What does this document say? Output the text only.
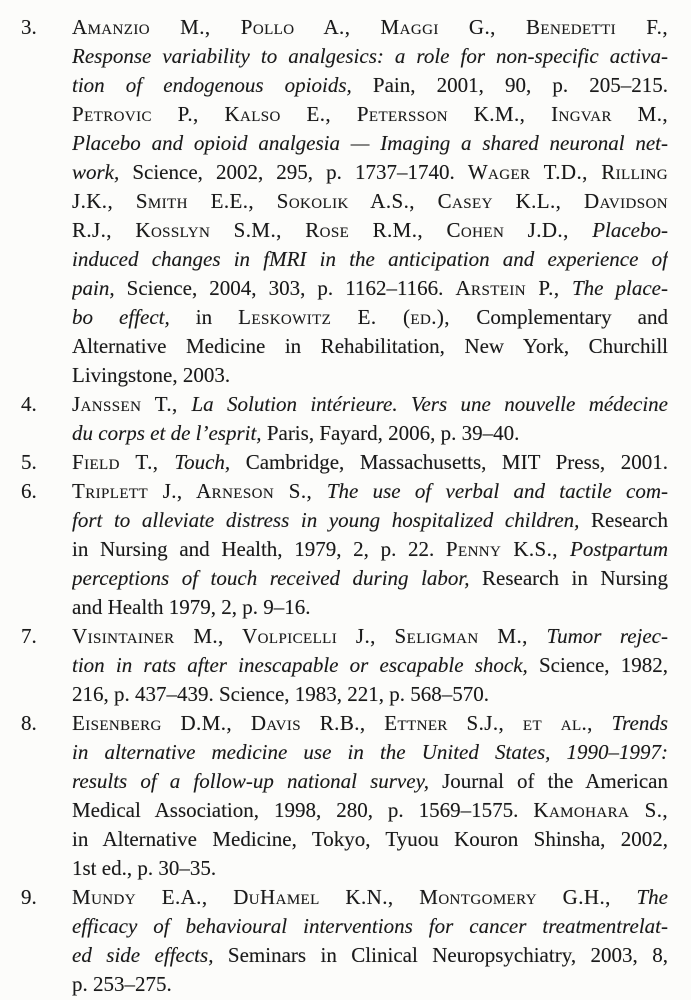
3.	Amanzio M., Pollo A., Maggi G., Benedetti F.,
Response variability to analgesics: a role for non-specific activa-
tion of endogenous opioids, Pain, 2001, 90, p. 205–215.
Petrovic P., Kalso E., Petersson K.M., Ingvar M.,
Placebo and opioid analgesia — Imaging a shared neuronal net-
work, Science, 2002, 295, p. 1737–1740. Wager T.D., Rilling
J.K., Smith E.E., Sokolik A.S., Casey K.L., Davidson
R.J., Kosslyn S.M., Rose R.M., Cohen J.D., Placebo-
induced changes in fMRI in the anticipation and experience of
pain, Science, 2004, 303, p. 1162–1166. Arstein P., The place-
bo effect, in Leskowitz E. (ed.), Complementary and
Alternative Medicine in Rehabilitation, New York, Churchill
Livingstone, 2003.
4.	Janssen T., La Solution intérieure. Vers une nouvelle médecine
du corps et de l’esprit, Paris, Fayard, 2006, p. 39–40.
5.	Field T., Touch, Cambridge, Massachusetts, MIT Press, 2001.
6.	Triplett J., Arneson S., The use of verbal and tactile com-
fort to alleviate distress in young hospitalized children, Research
in Nursing and Health, 1979, 2, p. 22. Penny K.S., Postpartum
perceptions of touch received during labor, Research in Nursing
and Health 1979, 2, p. 9–16.
7.	Visintainer M., Volpicelli J., Seligman M., Tumor rejec-
tion in rats after inescapable or escapable shock, Science, 1982,
216, p. 437–439. Science, 1983, 221, p. 568–570.
8.	Eisenberg D.M., Davis R.B., Ettner S.J., et al., Trends
in alternative medicine use in the United States, 1990–1997:
results of a follow-up national survey, Journal of the American
Medical Association, 1998, 280, p. 1569–1575. Kamohara S.,
in Alternative Medicine, Tokyo, Tyuou Kouron Shinsha, 2002,
1st ed., p. 30–35.
9.	Mundy E.A., DuHamel K.N., Montgomery G.H., The
efficacy of behavioural interventions for cancer treatmentrelat-
ed side effects, Seminars in Clinical Neuropsychiatry, 2003, 8,
p. 253–275.
